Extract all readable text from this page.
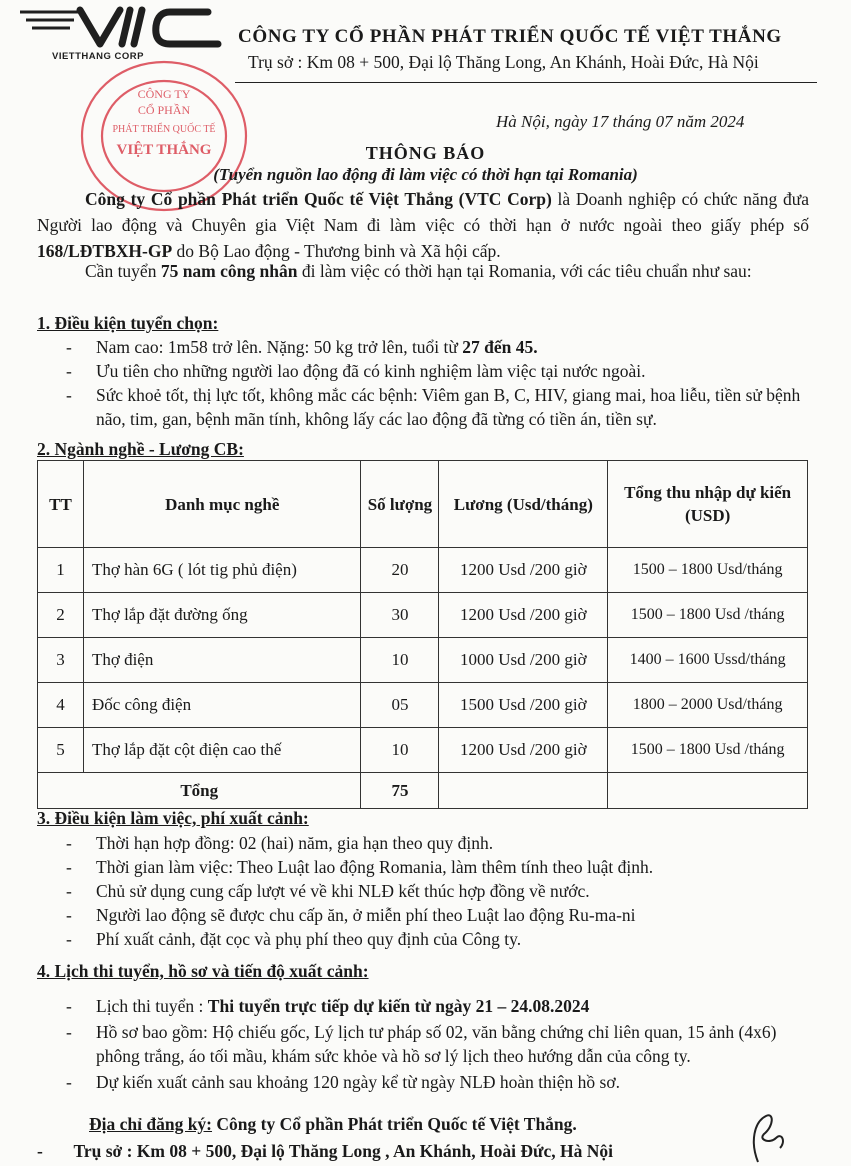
VIETTHANG CORP
CÔNG TY CỔ PHẦN PHÁT TRIỂN QUỐC TẾ VIỆT THẮNG
Trụ sở : Km 08 + 500, Đại lộ Thăng Long, An Khánh, Hoài Đức, Hà Nội
CÔNG TY
CỔ PHẦN
PHÁT TRIỂN QUỐC TẾ
VIỆT THẮNG
Hà Nội, ngày 17 tháng 07 năm 2024
THÔNG BÁO
(Tuyển nguồn lao động đi làm việc có thời hạn tại Romania)
Công ty Cổ phần Phát triển Quốc tế Việt Thắng (VTC Corp) là Doanh nghiệp có chức năng đưa Người lao động và Chuyên gia Việt Nam đi làm việc có thời hạn ở nước ngoài theo giấy phép số 168/LĐTBXH-GP do Bộ Lao động - Thương binh và Xã hội cấp.
Cần tuyển 75 nam công nhân đi làm việc có thời hạn tại Romania, với các tiêu chuẩn như sau:
1. Điều kiện tuyển chọn:
- Nam cao: 1m58 trở lên. Nặng: 50 kg trở lên, tuổi từ 27 đến 45.
- Ưu tiên cho những người lao động đã có kinh nghiệm làm việc tại nước ngoài.
- Sức khoẻ tốt, thị lực tốt, không mắc các bệnh: Viêm gan B, C, HIV, giang mai, hoa liễu, tiền sử bệnh não, tim, gan, bệnh mãn tính, không lấy các lao động đã từng có tiền án, tiền sự.
2. Ngành nghề - Lương CB:
TT	Danh mục nghề	Số lượng	Lương (Usd/tháng)	Tổng thu nhập dự kiến (USD)
1	Thợ hàn 6G ( lót tig phủ điện)	20	1200 Usd /200 giờ	1500 – 1800 Usd/tháng
2	Thợ lắp đặt đường ống	30	1200 Usd /200 giờ	1500 – 1800 Usd /tháng
3	Thợ điện	10	1000 Usd /200 giờ	1400 – 1600 Ussd/tháng
4	Đốc công điện	05	1500 Usd /200 giờ	1800 – 2000 Usd/tháng
5	Thợ lắp đặt cột điện cao thế	10	1200 Usd /200 giờ	1500 – 1800 Usd /tháng
Tổng		75		
3. Điều kiện làm việc, phí xuất cảnh:
- Thời hạn hợp đồng: 02 (hai) năm, gia hạn theo quy định.
- Thời gian làm việc: Theo Luật lao động Romania, làm thêm tính theo luật định.
- Chủ sử dụng cung cấp lượt vé về khi NLĐ kết thúc hợp đồng về nước.
- Người lao động sẽ được chu cấp ăn, ở miễn phí theo Luật lao động Ru-ma-ni
- Phí xuất cảnh, đặt cọc và phụ phí theo quy định của Công ty.
4. Lịch thi tuyển, hồ sơ và tiến độ xuất cảnh:
- Lịch thi tuyển : Thi tuyển trực tiếp dự kiến từ ngày 21 – 24.08.2024
- Hồ sơ bao gồm: Hộ chiếu gốc, Lý lịch tư pháp số 02, văn bằng chứng chỉ liên quan, 15 ảnh (4x6) phông trắng, áo tối mầu, khám sức khỏe và hồ sơ lý lịch theo hướng dẫn của công ty.
- Dự kiến xuất cảnh sau khoảng 120 ngày kể từ ngày NLĐ hoàn thiện hồ sơ.
Địa chỉ đăng ký: Công ty Cổ phần Phát triển Quốc tế Việt Thắng.
- Trụ sở : Km 08 + 500, Đại lộ Thăng Long , An Khánh, Hoài Đức, Hà Nội
